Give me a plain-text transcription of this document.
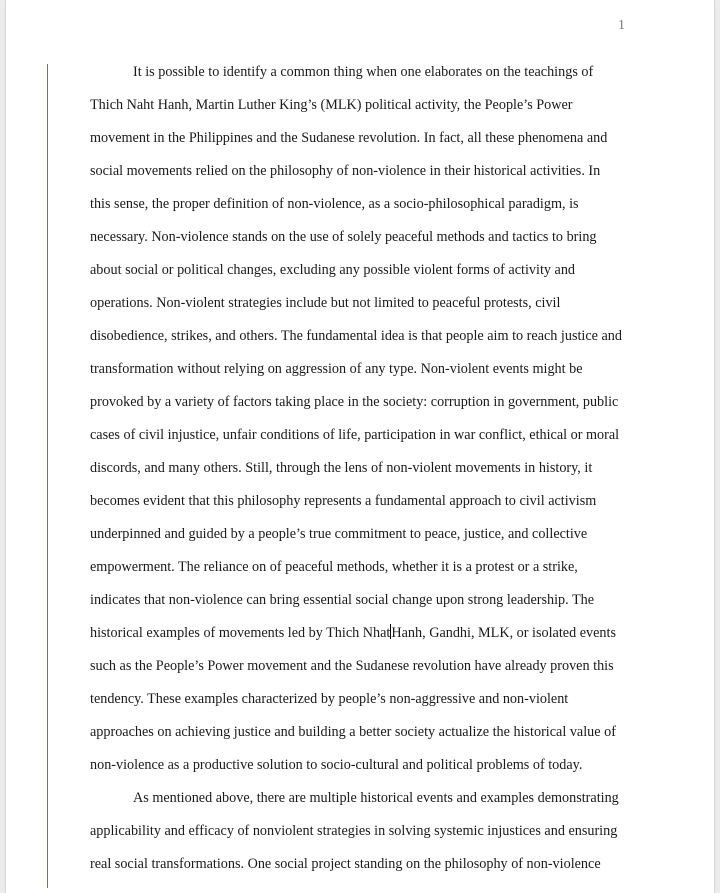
1
It is possible to identify a common thing when one elaborates on the teachings of
Thich Naht Hanh, Martin Luther King’s (MLK) political activity, the People’s Power
movement in the Philippines and the Sudanese revolution. In fact, all these phenomena and
social movements relied on the philosophy of non-violence in their historical activities. In
this sense, the proper definition of non-violence, as a socio-philosophical paradigm, is
necessary. Non-violence stands on the use of solely peaceful methods and tactics to bring
about social or political changes, excluding any possible violent forms of activity and
operations. Non-violent strategies include but not limited to peaceful protests, civil
disobedience, strikes, and others. The fundamental idea is that people aim to reach justice and
transformation without relying on aggression of any type. Non-violent events might be
provoked by a variety of factors taking place in the society: corruption in government, public
cases of civil injustice, unfair conditions of life, participation in war conflict, ethical or moral
discords, and many others. Still, through the lens of non-violent movements in history, it
becomes evident that this philosophy represents a fundamental approach to civil activism
underpinned and guided by a people’s true commitment to peace, justice, and collective
empowerment. The reliance on of peaceful methods, whether it is a protest or a strike,
indicates that non-violence can bring essential social change upon strong leadership. The
historical examples of movements led by Thich NhatHanh, Gandhi, MLK, or isolated events
such as the People’s Power movement and the Sudanese revolution have already proven this
tendency. These examples characterized by people’s non-aggressive and non-violent
approaches on achieving justice and building a better society actualize the historical value of
non-violence as a productive solution to socio-cultural and political problems of today.
As mentioned above, there are multiple historical events and examples demonstrating
applicability and efficacy of nonviolent strategies in solving systemic injustices and ensuring
real social transformations. One social project standing on the philosophy of non-violence
